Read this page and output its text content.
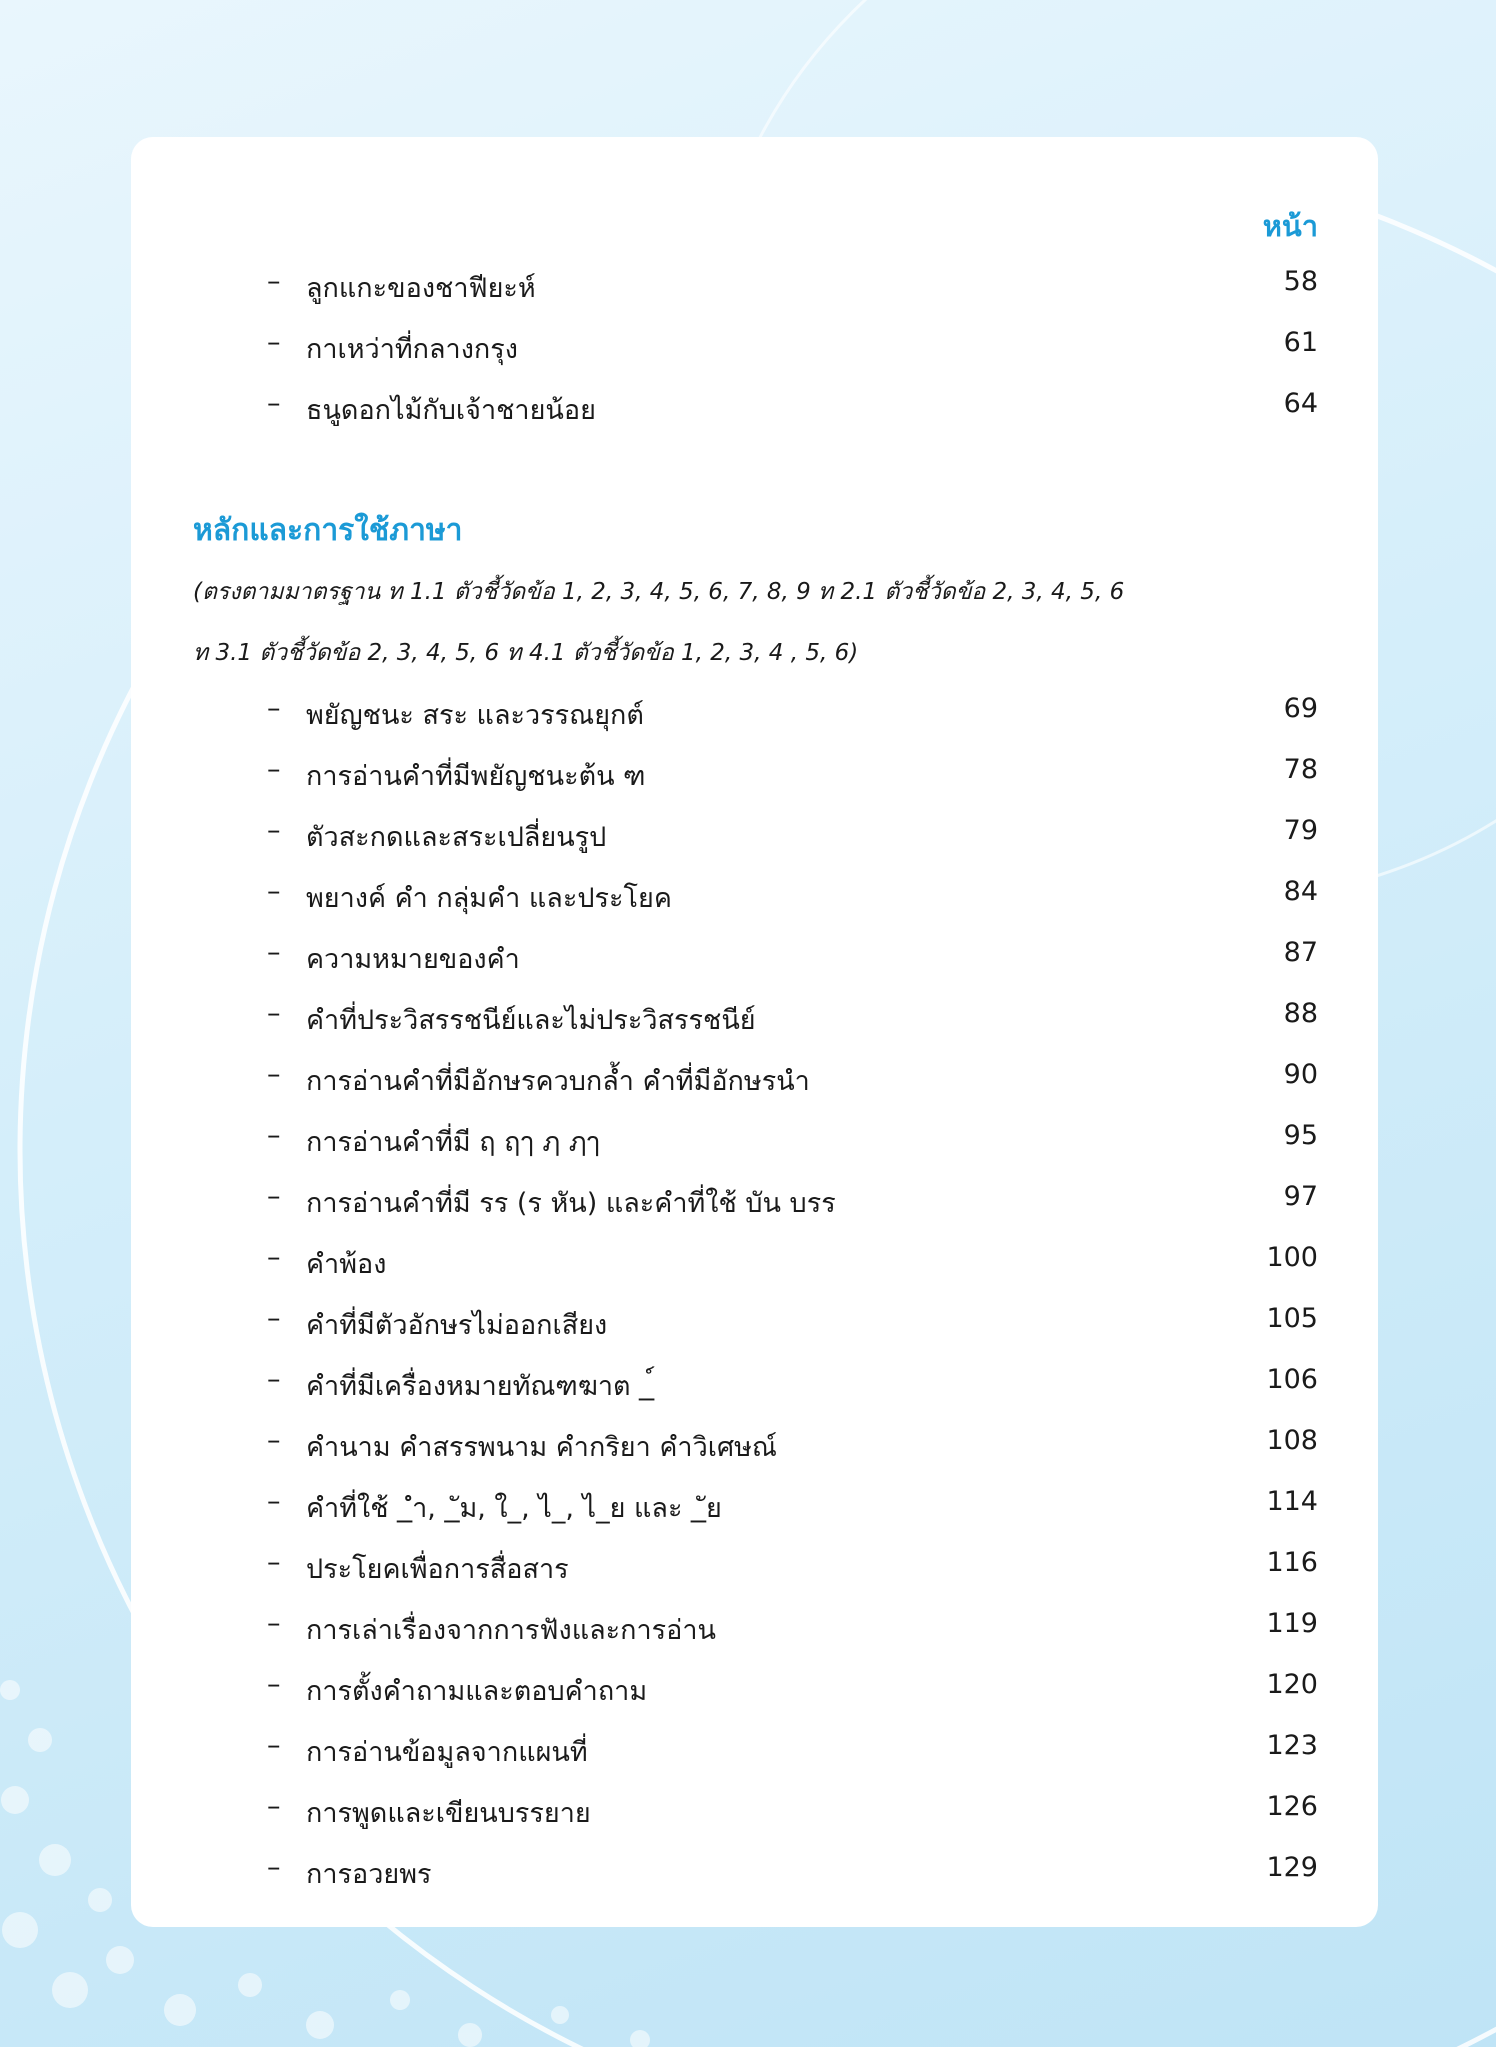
หน้า
– ลูกแกะของชาฟียะห์	58
– กาเหว่าที่กลางกรุง	61
– ธนูดอกไม้กับเจ้าชายน้อย	64
หลักและการใช้ภาษา
(ตรงตามมาตรฐาน ท 1.1 ตัวชี้วัดข้อ 1, 2, 3, 4, 5, 6, 7, 8, 9 ท 2.1 ตัวชี้วัดข้อ 2, 3, 4, 5, 6
ท 3.1 ตัวชี้วัดข้อ 2, 3, 4, 5, 6 ท 4.1 ตัวชี้วัดข้อ 1, 2, 3, 4 , 5, 6)
– พยัญชนะ สระ และวรรณยุกต์	69
– การอ่านคำที่มีพยัญชนะต้น ฑ	78
– ตัวสะกดและสระเปลี่ยนรูป	79
– พยางค์ คำ กลุ่มคำ และประโยค	84
– ความหมายของคำ	87
– คำที่ประวิสรรชนีย์และไม่ประวิสรรชนีย์	88
– การอ่านคำที่มีอักษรควบกล้ำ คำที่มีอักษรนำ	90
– การอ่านคำที่มี ฤ ฤๅ ฦ ฦๅ	95
– การอ่านคำที่มี รร (ร หัน) และคำที่ใช้ บัน บรร	97
– คำพ้อง	100
– คำที่มีตัวอักษรไม่ออกเสียง	105
– คำที่มีเครื่องหมายทัณฑฆาต _์	106
– คำนาม คำสรรพนาม คำกริยา คำวิเศษณ์	108
– คำที่ใช้ _ำ, _ัม, ใ_, ไ_, ไ_ย และ _ัย	114
– ประโยคเพื่อการสื่อสาร	116
– การเล่าเรื่องจากการฟังและการอ่าน	119
– การตั้งคำถามและตอบคำถาม	120
– การอ่านข้อมูลจากแผนที่	123
– การพูดและเขียนบรรยาย	126
– การอวยพร	129
